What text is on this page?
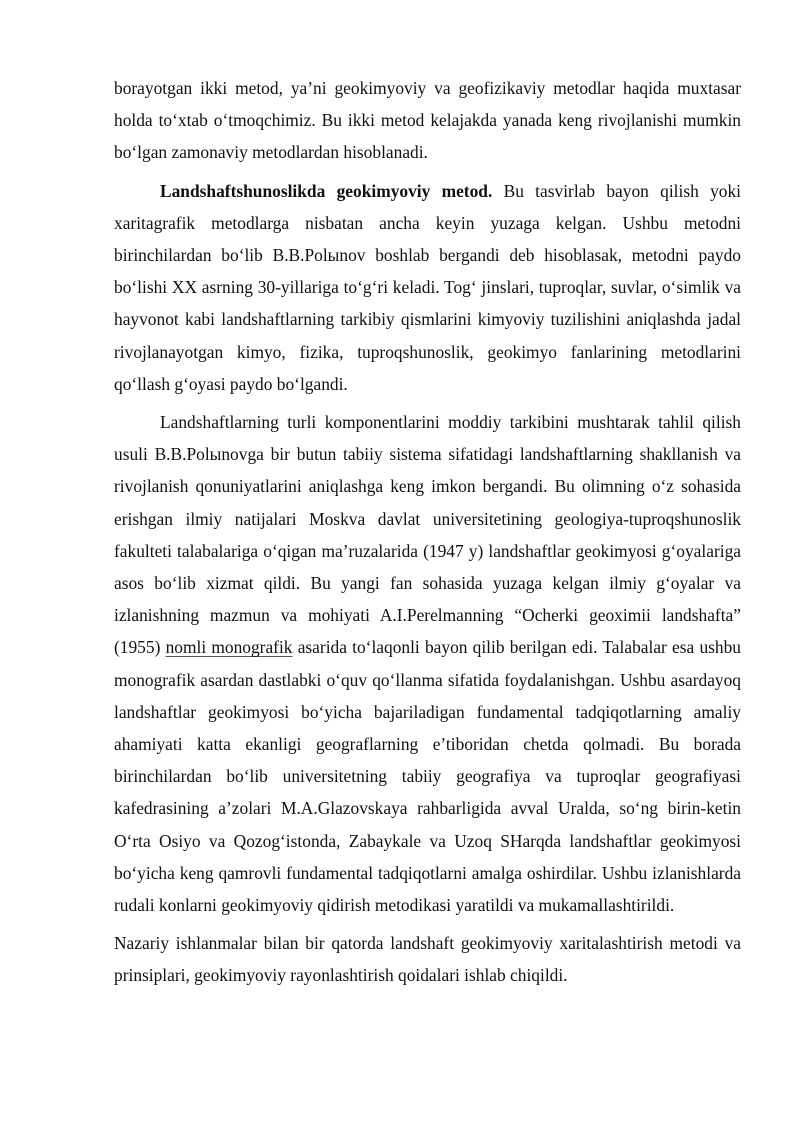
borayotgan ikki metod, ya’ni geokimyoviy va geofizikaviy metodlar haqida muxtasar holda to‘xtab o‘tmoqchimiz. Bu ikki metod kelajakda yanada keng rivojlanishi mumkin bo‘lgan zamonaviy metodlardan hisoblanadi.

Landshaftshunoslikda geokimyoviy metod. Bu tasvirlab bayon qilish yoki xaritagrafik metodlarga nisbatan ancha keyin yuzaga kelgan. Ushbu metodni birinchilardan bo‘lib B.B.Polыnov boshlab bergandi deb hisoblasak, metodni paydo bo‘lishi XX asrning 30-yillariga to‘g‘ri keladi. Tog‘ jinslari, tuproqlar, suvlar, o‘simlik va hayvonot kabi landshaftlarning tarkibiy qismlarini kimyoviy tuzilishini aniqlashda jadal rivojlanayotgan kimyo, fizika, tuproqshunoslik, geokimyo fanlarining metodlarini qo‘llash g‘oyasi paydo bo‘lgandi.

Landshaftlarning turli komponentlarini moddiy tarkibini mushtarak tahlil qilish usuli B.B.Polыnovga bir butun tabiiy sistema sifatidagi landshaftlarning shakllanish va rivojlanish qonuniyatlarini aniqlashga keng imkon bergandi. Bu olimning o‘z sohasida erishgan ilmiy natijalari Moskva davlat universitetining geologiya-tuproqshunoslik fakulteti talabalariga o‘qigan ma’ruzalarida (1947 y) landshaftlar geokimyosi g‘oyalariga asos bo‘lib xizmat qildi. Bu yangi fan sohasida yuzaga kelgan ilmiy g‘oyalar va izlanishning mazmun va mohiyati A.I.Perelmanning “Ocherki geoximii landshafta” (1955) nomli monografik asarida to‘laqonli bayon qilib berilgan edi. Talabalar esa ushbu monografik asardan dastlabki o‘quv qo‘llanma sifatida foydalanishgan. Ushbu asardayoq landshaftlar geokimyosi bo‘yicha bajariladigan fundamental tadqiqotlarning amaliy ahamiyati katta ekanligi geograflarning e’tiboridan chetda qolmadi. Bu borada birinchilardan bo‘lib universitetning tabiiy geografiya va tuproqlar geografiyasi kafedrasining a’zolari M.A.Glazovskaya rahbarligida avval Uralda, so‘ng birin-ketin O‘rta Osiyo va Qozog‘istonda, Zabaykale va Uzoq SHarqda landshaftlar geokimyosi bo‘yicha keng qamrovli fundamental tadqiqotlarni amalga oshirdilar. Ushbu izlanishlarda rudali konlarni geokimyoviy qidirish metodikasi yaratildi va mukamallashtirildi.

Nazariy ishlanmalar bilan bir qatorda landshaft geokimyoviy xaritalashtirish metodi va prinsiplari, geokimyoviy rayonlashtirish qoidalari ishlab chiqildi.
